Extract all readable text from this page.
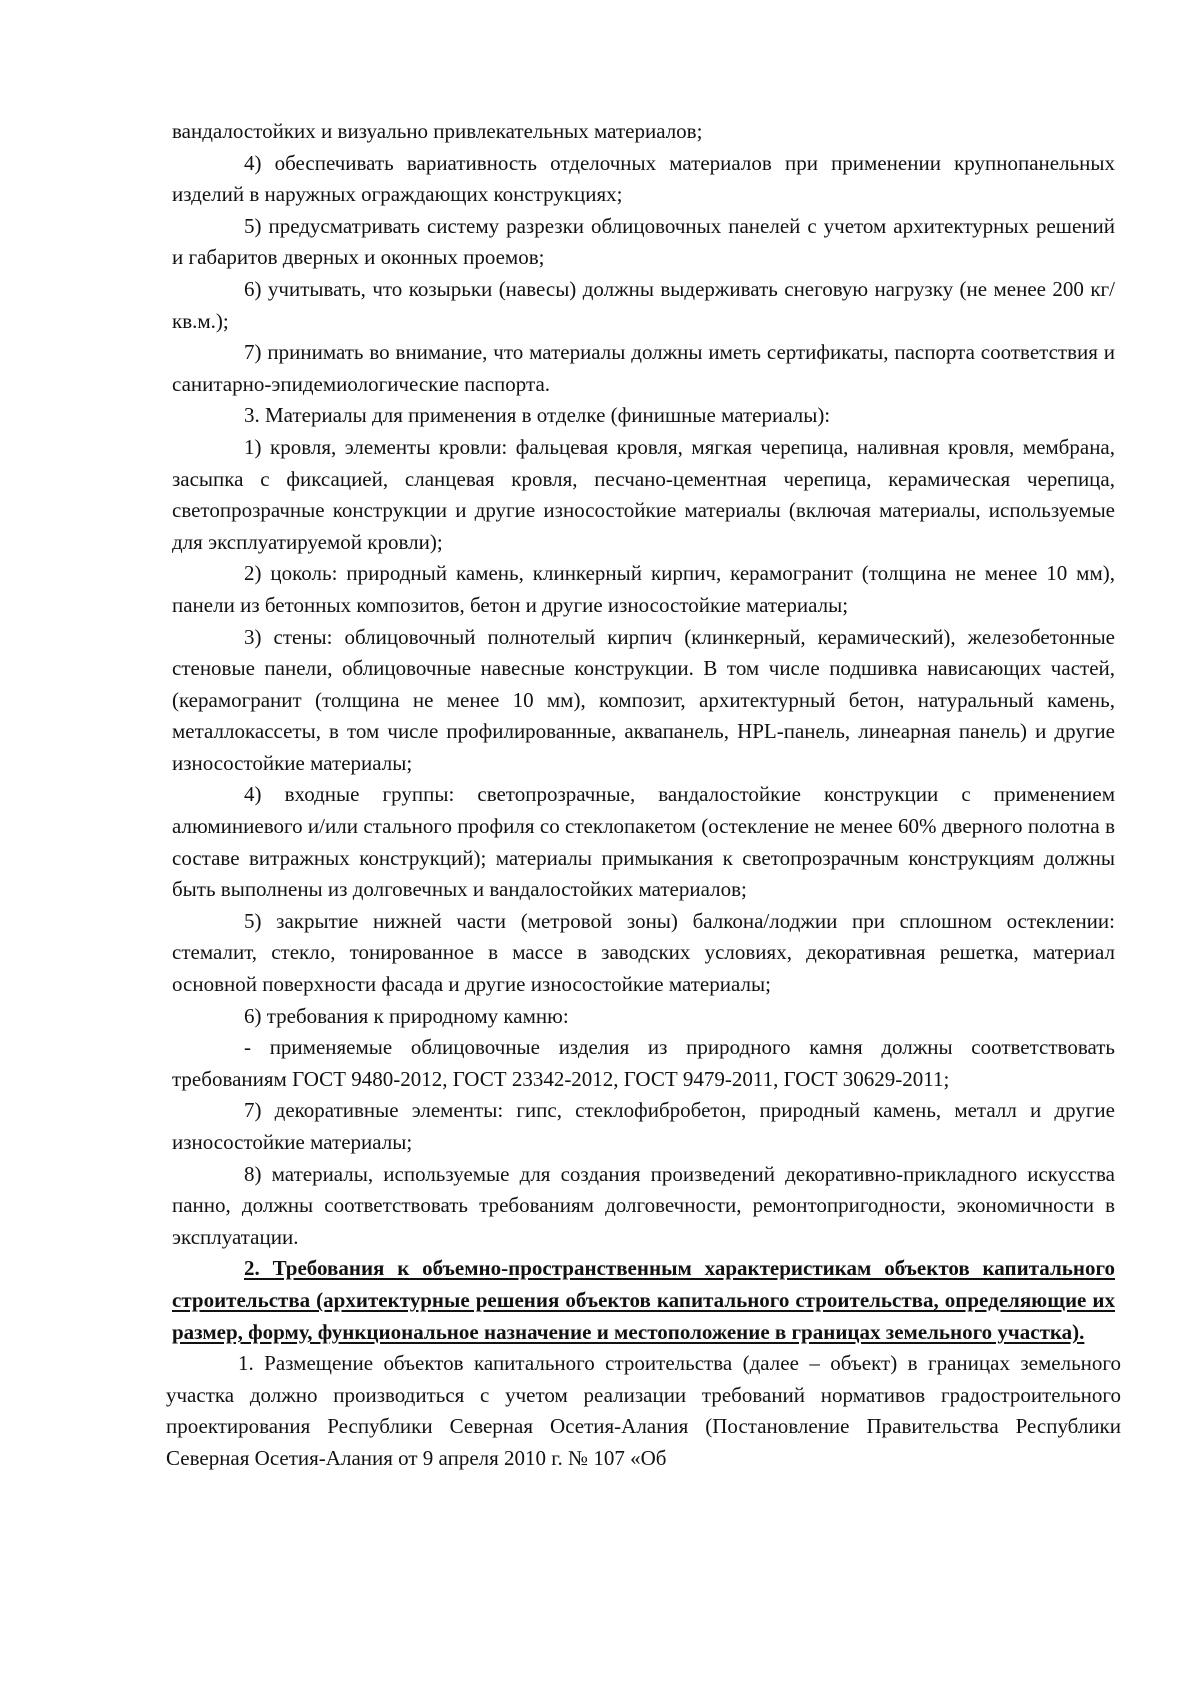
вандалостойких и визуально привлекательных материалов;

4) обеспечивать вариативность отделочных материалов при применении крупнопанельных изделий в наружных ограждающих конструкциях;

5) предусматривать систему разрезки облицовочных панелей с учетом архитектурных решений и габаритов дверных и оконных проемов;

6) учитывать, что козырьки (навесы) должны выдерживать снеговую нагрузку (не менее 200 кг/кв.м.);

7) принимать во внимание, что материалы должны иметь сертификаты, паспорта соответствия и санитарно-эпидемиологические паспорта.

3. Материалы для применения в отделке (финишные материалы):

1) кровля, элементы кровли: фальцевая кровля, мягкая черепица, наливная кровля, мембрана, засыпка с фиксацией, сланцевая кровля, песчано-цементная черепица, керамическая черепица, светопрозрачные конструкции и другие износостойкие материалы (включая материалы, используемые для эксплуатируемой кровли);

2) цоколь: природный камень, клинкерный кирпич, керамогранит (толщина не менее 10 мм), панели из бетонных композитов, бетон и другие износостойкие материалы;

3) стены: облицовочный полнотелый кирпич (клинкерный, керамический), железобетонные стеновые панели, облицовочные навесные конструкции. В том числе подшивка нависающих частей, (керамогранит (толщина не менее 10 мм), композит, архитектурный бетон, натуральный камень, металлокассеты, в том числе профилированные, аквапанель, HPL-панель, линеарная панель) и другие износостойкие материалы;

4) входные группы: светопрозрачные, вандалостойкие конструкции с применением алюминиевого и/или стального профиля со стеклопакетом (остекление не менее 60% дверного полотна в составе витражных конструкций); материалы примыкания к светопрозрачным конструкциям должны быть выполнены из долговечных и вандалостойких материалов;

5) закрытие нижней части (метровой зоны) балкона/лоджии при сплошном остеклении: стемалит, стекло, тонированное в массе в заводских условиях, декоративная решетка, материал основной поверхности фасада и другие износостойкие материалы;

6) требования к природному камню:

- применяемые облицовочные изделия из природного камня должны соответствовать требованиям ГОСТ 9480-2012, ГОСТ 23342-2012, ГОСТ 9479-2011, ГОСТ 30629-2011;

7) декоративные элементы: гипс, стеклофибробетон, природный камень, металл и другие износостойкие материалы;

8) материалы, используемые для создания произведений декоративно-прикладного искусства панно, должны соответствовать требованиям долговечности, ремонтопригодности, экономичности в эксплуатации.

2. Требования к объемно-пространственным характеристикам объектов капитального строительства (архитектурные решения объектов капитального строительства, определяющие их размер, форму, функциональное назначение и местоположение в границах земельного участка).

1. Размещение объектов капитального строительства (далее – объект) в границах земельного участка должно производиться с учетом реализации требований нормативов градостроительного проектирования Республики Северная Осетия-Алания (Постановление Правительства Республики Северная Осетия-Алания от 9 апреля 2010 г. № 107 «Об
